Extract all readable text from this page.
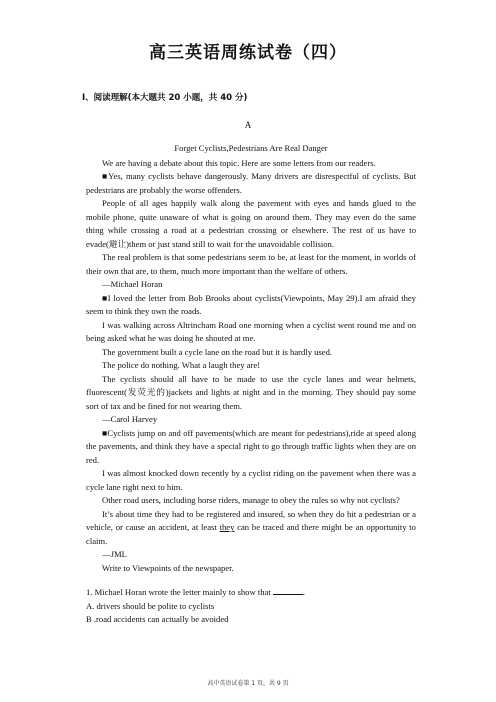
高三英语周练试卷（四）
I、阅读理解(本大题共 20 小题，共 40 分)
A

Forget Cyclists,Pedestrians Are Real Danger

We are having a debate about this topic. Here are some letters from our readers.

■Yes, many cyclists behave dangerously. Many drivers are disrespectful of cyclists. But pedestrians are probably the worse offenders.

People of all ages happily walk along the pavement with eyes and hands glued to the mobile phone, quite unaware of what is going on around them. They may even do the same thing while crossing a road at a pedestrian crossing or elsewhere. The rest of us have to evade(避让)them or just stand still to wait for the unavoidable collision.

The real problem is that some pedestrians seem to be, at least for the moment, in worlds of their own that are, to them, much more important than the welfare of others.

—Michael Horan

■I loved the letter from Bob Brooks about cyclists(Viewpoints, May 29).I am afraid they seem to think they own the roads.

I was walking across Altrincham Road one morning when a cyclist went round me and on being asked what he was doing he shouted at me.

The government built a cycle lane on the road but it is hardly used.

The police do nothing. What a laugh they are!

The cyclists should all have to be made to use the cycle lanes and wear helmets, fluorescent(发荧光的)jackets and lights at night and in the morning. They should pay some sort of tax and be fined for not wearing them.

—Carol Harvey

■Cyclists jump on and off pavements(which are meant for pedestrians),ride at speed along the pavements, and think they have a special right to go through traffic lights when they are on red.

I was almost knocked down recently by a cyclist riding on the pavement when there was a cycle lane right next to him.

Other road users, including horse riders, manage to obey the rules so why not cyclists?

It’s about time they had to be registered and insured, so when they do hit a pedestrian or a vehicle, or cause an accident, at least they can be traced and there might be an opportunity to claim.

—JML

Write to Viewpoints of the newspaper.

1. Michael Horan wrote the letter mainly to show that	.

A. drivers should be polite to cyclists

B .road accidents can actually be avoided

高中英语试卷第 1 页，共 9 页
